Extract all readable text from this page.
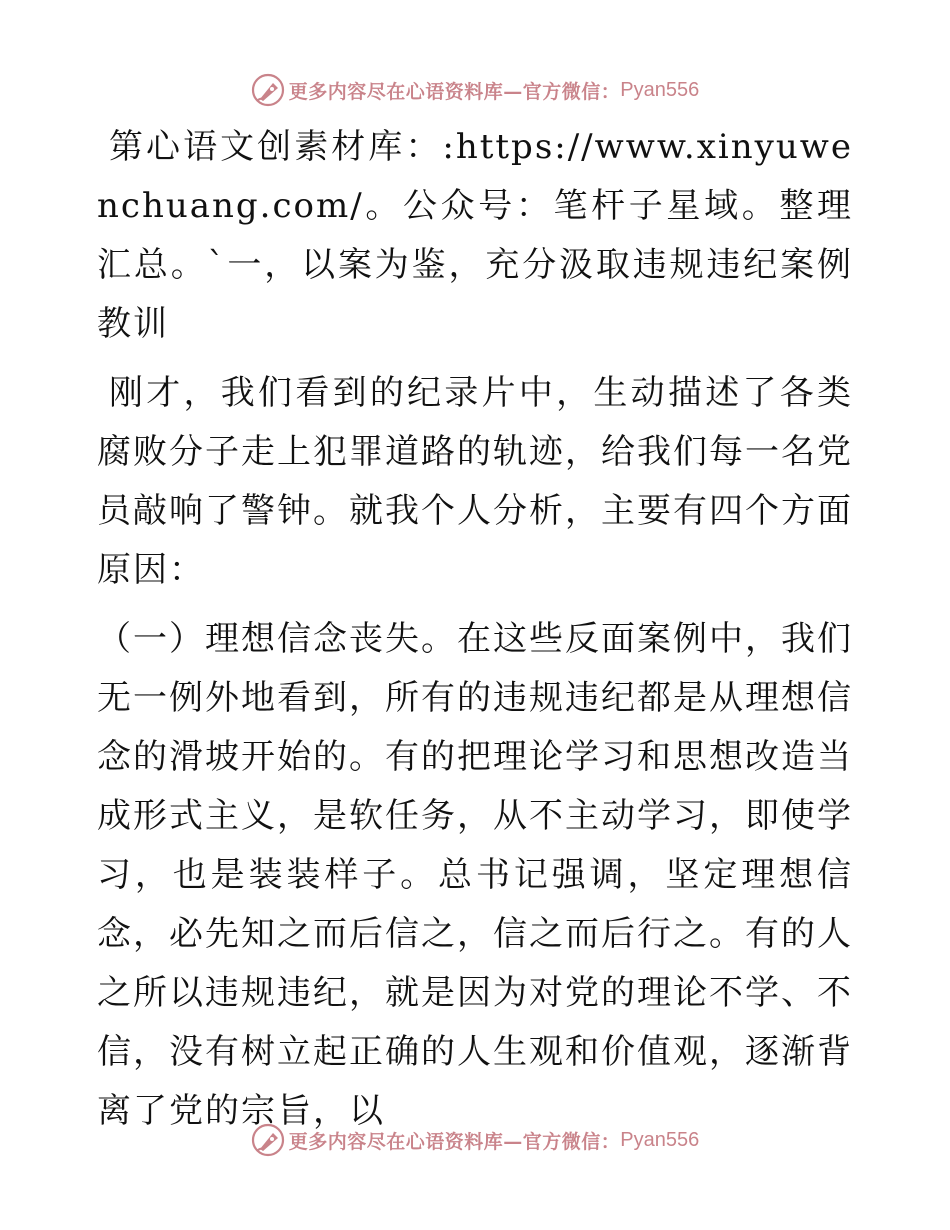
更多内容尽在心语资料库—官方微信： Pyan556

第心语文创素材库：:https://www.xinyuwenchuang.com/。公众号：笔杆子星域。整理汇总。`一，以案为鉴，充分汲取违规违纪案例教训

刚才，我们看到的纪录片中，生动描述了各类腐败分子走上犯罪道路的轨迹，给我们每一名党员敲响了警钟。就我个人分析，主要有四个方面原因：

（一）理想信念丧失。在这些反面案例中，我们无一例外地看到，所有的违规违纪都是从理想信念的滑坡开始的。有的把理论学习和思想改造当成形式主义，是软任务，从不主动学习，即使学习，也是装装样子。总书记强调，坚定理想信念，必先知之而后信之，信之而后行之。有的人之所以违规违纪，就是因为对党的理论不学、不信，没有树立起正确的人生观和价值观，逐渐背离了党的宗旨，以

更多内容尽在心语资料库—官方微信： Pyan556
